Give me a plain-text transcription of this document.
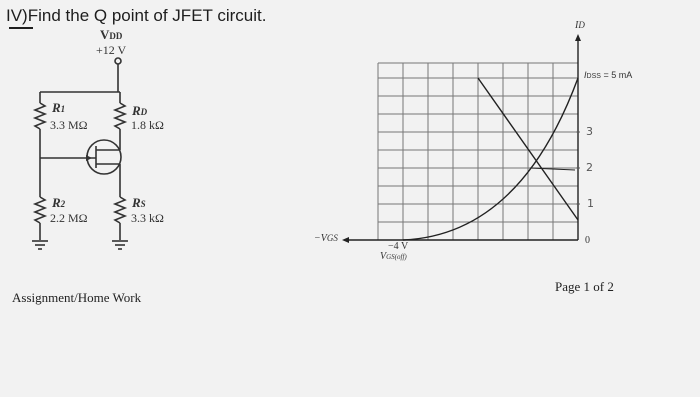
IV)Find the Q point of JFET circuit.
VDD
+12 V
R1
3.3 MΩ
RD
1.8 kΩ
R2
2.2 MΩ
RS
3.3 kΩ
ID
IDSS = 5 mA
−VGS
−4 V
VGS(off)
0
3
2
1
Assignment/Home Work
Page 1 of 2
